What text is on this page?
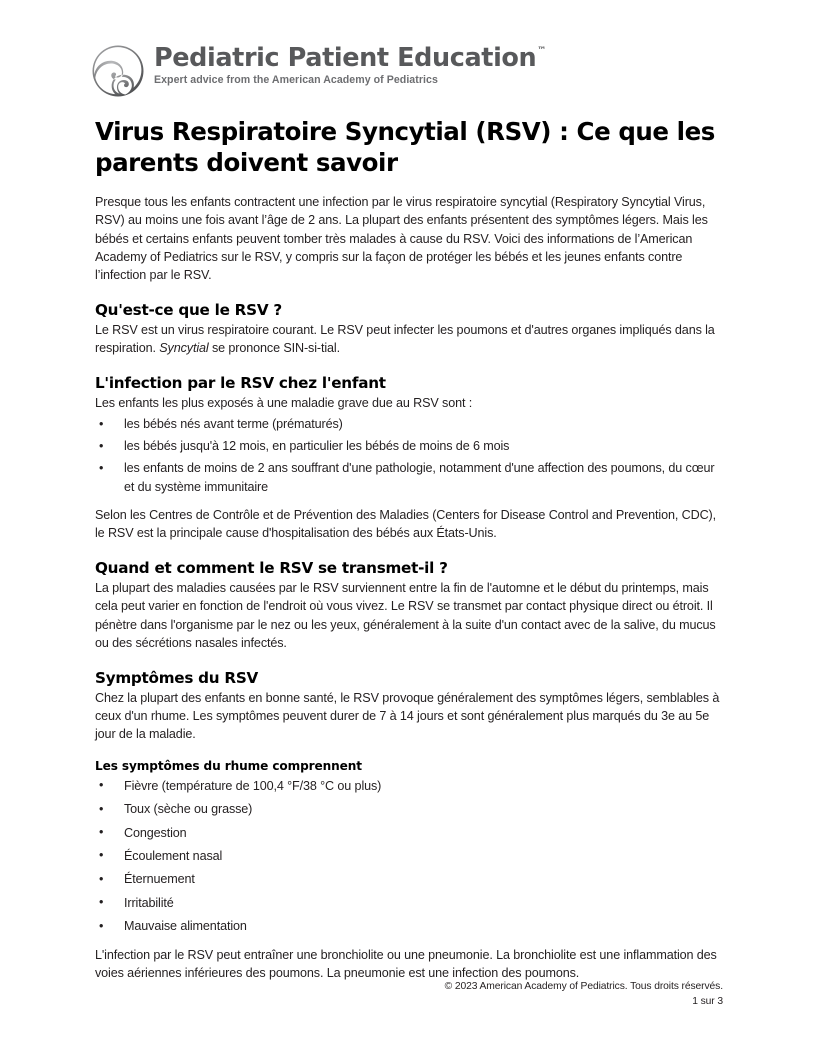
Pediatric Patient Education ™
Expert advice from the American Academy of Pediatrics
Virus Respiratoire Syncytial (RSV) : Ce que les parents doivent savoir

Presque tous les enfants contractent une infection par le virus respiratoire syncytial (Respiratory Syncytial Virus, RSV) au moins une fois avant l’âge de 2 ans. La plupart des enfants présentent des symptômes légers. Mais les bébés et certains enfants peuvent tomber très malades à cause du RSV. Voici des informations de l’American Academy of Pediatrics sur le RSV, y compris sur la façon de protéger les bébés et les jeunes enfants contre l’infection par le RSV.

Qu'est-ce que le RSV ?

Le RSV est un virus respiratoire courant. Le RSV peut infecter les poumons et d'autres organes impliqués dans la respiration. Syncytial se prononce SIN-si-tial.

L'infection par le RSV chez l'enfant

Les enfants les plus exposés à une maladie grave due au RSV sont :

• les bébés nés avant terme (prématurés)
• les bébés jusqu'à 12 mois, en particulier les bébés de moins de 6 mois
• les enfants de moins de 2 ans souffrant d'une pathologie, notamment d'une affection des poumons, du cœur et du système immunitaire

Selon les Centres de Contrôle et de Prévention des Maladies (Centers for Disease Control and Prevention, CDC), le RSV est la principale cause d'hospitalisation des bébés aux États-Unis.

Quand et comment le RSV se transmet-il ?

La plupart des maladies causées par le RSV surviennent entre la fin de l'automne et le début du printemps, mais cela peut varier en fonction de l'endroit où vous vivez. Le RSV se transmet par contact physique direct ou étroit. Il pénètre dans l'organisme par le nez ou les yeux, généralement à la suite d'un contact avec de la salive, du mucus ou des sécrétions nasales infectés.

Symptômes du RSV

Chez la plupart des enfants en bonne santé, le RSV provoque généralement des symptômes légers, semblables à ceux d'un rhume. Les symptômes peuvent durer de 7 à 14 jours et sont généralement plus marqués du 3e au 5e jour de la maladie.

Les symptômes du rhume comprennent
• Fièvre (température de 100,4 °F/38 °C ou plus)
• Toux (sèche ou grasse)
• Congestion
• Écoulement nasal
• Éternuement
• Irritabilité
• Mauvaise alimentation

L'infection par le RSV peut entraîner une bronchiolite ou une pneumonie. La bronchiolite est une inflammation des voies aériennes inférieures des poumons. La pneumonie est une infection des poumons.

© 2023 American Academy of Pediatrics. Tous droits réservés.
1 sur 3
